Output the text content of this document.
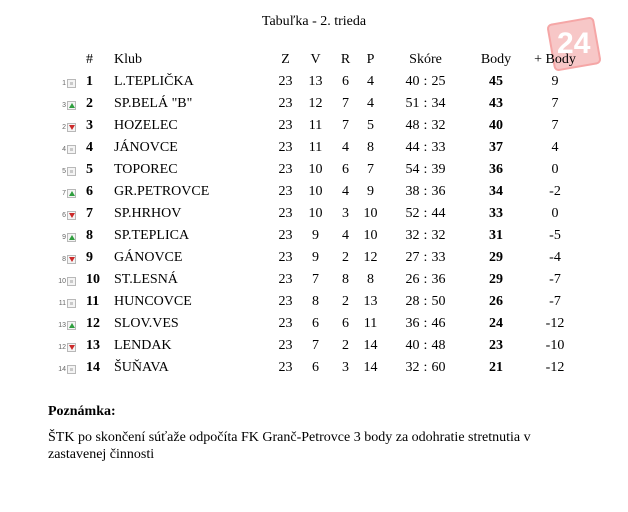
Tabuľka - 2. trieda
24
	#	Klub	Z	V	R	P	Skóre	Body	+ Body

1	1	L.TEPLIČKA	23	13	6	4	40 : 25	45	9

3	2	SP.BELÁ "B"	23	12	7	4	51 : 34	43	7

2	3	HOZELEC	23	11	7	5	48 : 32	40	7

4	4	JÁNOVCE	23	11	4	8	44 : 33	37	4

5	5	TOPOREC	23	10	6	7	54 : 39	36	0

7	6	GR.PETROVCE	23	10	4	9	38 : 36	34	-2

6	7	SP.HRHOV	23	10	3	10	52 : 44	33	0

9	8	SP.TEPLICA	23	9	4	10	32 : 32	31	-5

8	9	GÁNOVCE	23	9	2	12	27 : 33	29	-4

10	10	ST.LESNÁ	23	7	8	8	26 : 36	29	-7

11	11	HUNCOVCE	23	8	2	13	28 : 50	26	-7

13	12	SLOV.VES	23	6	6	11	36 : 46	24	-12

12	13	LENDAK	23	7	2	14	40 : 48	23	-10

14	14	ŠUŇAVA	23	6	3	14	32 : 60	21	-12
Poznámka:
ŠTK po skončení súťaže odpočíta FK Granč-Petrovce 3 body za odohratie stretnutia v zastavenej činnosti
